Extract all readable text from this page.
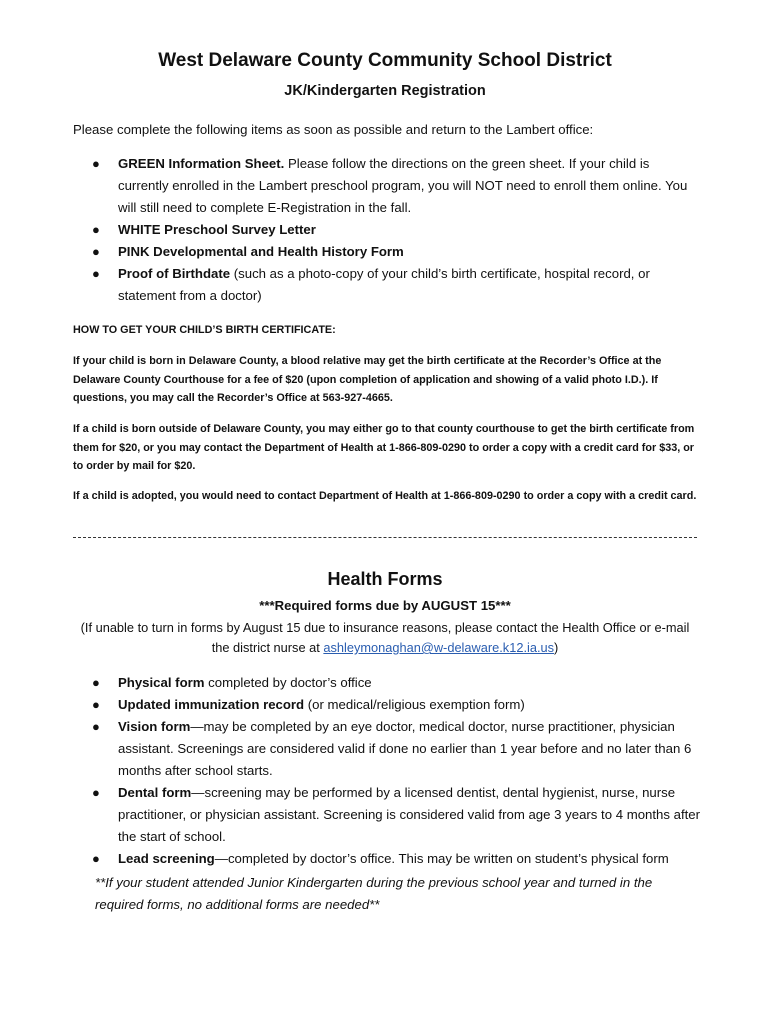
West Delaware County Community School District
JK/Kindergarten Registration
Please complete the following items as soon as possible and return to the Lambert office:
● GREEN Information Sheet. Please follow the directions on the green sheet. If your child is currently enrolled in the Lambert preschool program, you will NOT need to enroll them online. You will still need to complete E-Registration in the fall.
● WHITE Preschool Survey Letter
● PINK Developmental and Health History Form
● Proof of Birthdate (such as a photo-copy of your child’s birth certificate, hospital record, or statement from a doctor)
HOW TO GET YOUR CHILD’S BIRTH CERTIFICATE:
If your child is born in Delaware County, a blood relative may get the birth certificate at the Recorder’s Office at the Delaware County Courthouse for a fee of $20 (upon completion of application and showing of a valid photo I.D.). If questions, you may call the Recorder’s Office at 563-927-4665.
If a child is born outside of Delaware County, you may either go to that county courthouse to get the birth certificate from them for $20, or you may contact the Department of Health at 1-866-809-0290 to order a copy with a credit card for $33, or to order by mail for $20.
If a child is adopted, you would need to contact Department of Health at 1-866-809-0290 to order a copy with a credit card.
Health Forms
***Required forms due by AUGUST 15***
(If unable to turn in forms by August 15 due to insurance reasons, please contact the Health Office or e-mail the district nurse at ashleymonaghan@w-delaware.k12.ia.us)
● Physical form completed by doctor’s office
● Updated immunization record (or medical/religious exemption form)
● Vision form—may be completed by an eye doctor, medical doctor, nurse practitioner, physician assistant. Screenings are considered valid if done no earlier than 1 year before and no later than 6 months after school starts.
● Dental form—screening may be performed by a licensed dentist, dental hygienist, nurse, nurse practitioner, or physician assistant. Screening is considered valid from age 3 years to 4 months after the start of school.
● Lead screening—completed by doctor’s office. This may be written on student’s physical form
**If your student attended Junior Kindergarten during the previous school year and turned in the required forms, no additional forms are needed**
